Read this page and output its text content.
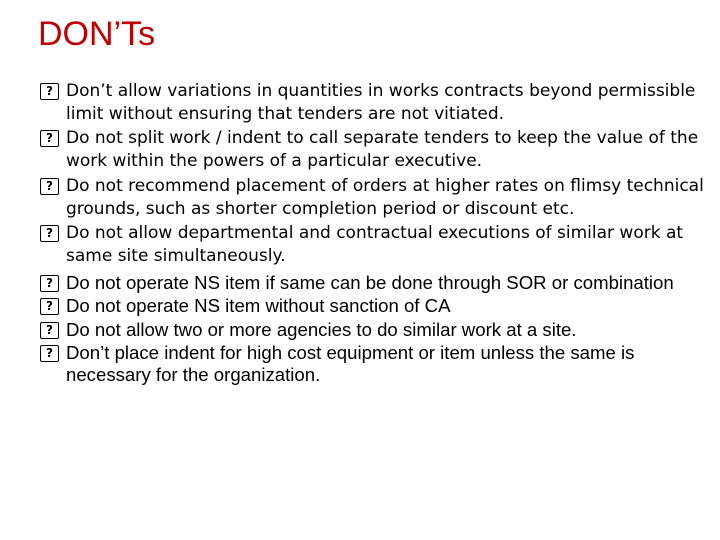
DON’Ts
? Don’t allow variations in quantities in works contracts beyond permissible limit without ensuring that tenders are not vitiated.
? Do not split work / indent to call separate tenders to keep the value of the work within the powers of a particular executive.
? Do not recommend placement of orders at higher rates on flimsy technical grounds, such as shorter completion period or discount etc.
? Do not allow departmental and contractual executions of similar work at same site simultaneously.
? Do not operate NS item if same can be done through SOR or combination
? Do not operate NS item without sanction of CA
? Do not allow two or more agencies to do similar work at a site.
? Don’t place indent for high cost equipment or item unless the same is necessary for the organization.
